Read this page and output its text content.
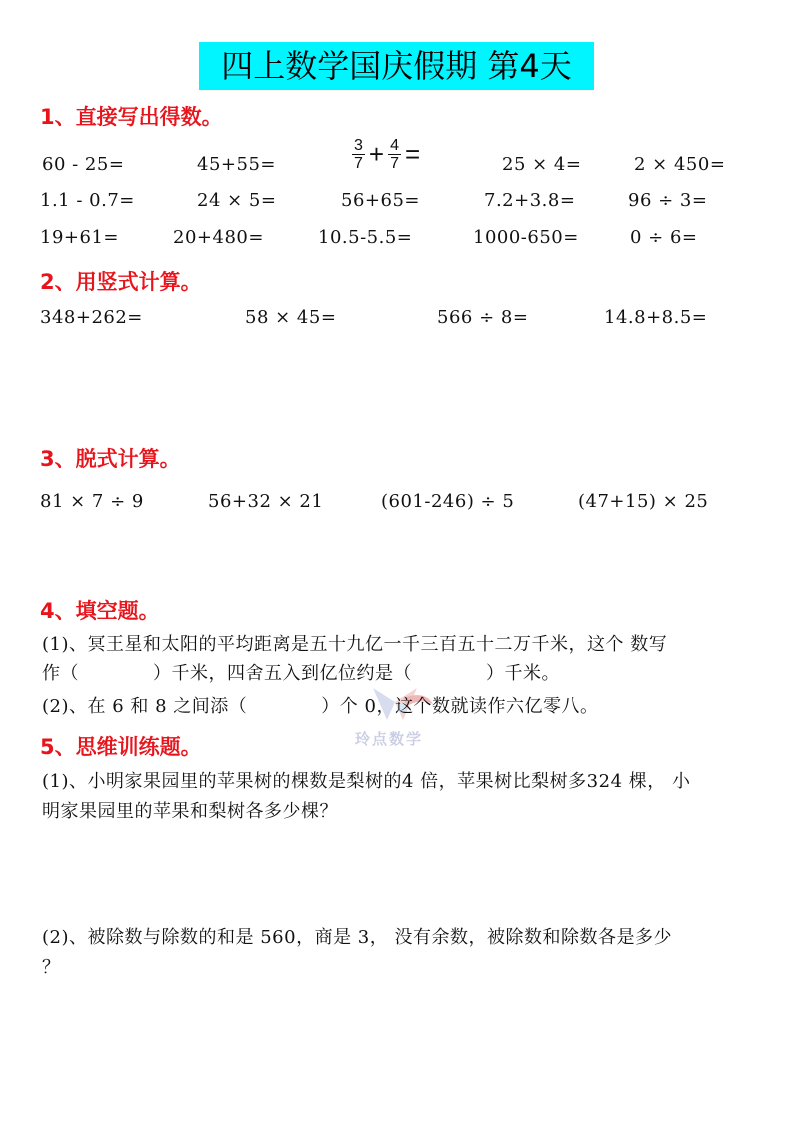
四上数学国庆假期 第4天
1、直接写出得数。
60 - 25=	45+55=	$\frac{3}{7} + \frac{4}{7}$ =	25 × 4=	2 × 450=
1.1 - 0.7=	24 × 5=	56+65=	7.2+3.8=	96 ÷ 3=
19+61=	20+480=	10.5-5.5=	1000-650=	0 ÷ 6=
2、用竖式计算。
348+262=	58 × 45=	566 ÷ 8=	14.8+8.5=
3、脱式计算。
81 × 7 ÷ 9	56+32 × 21	(601-246) ÷ 5	(47+15) × 25
玲点数学
4、填空题。
(1)、冥王星和太阳的平均距离是五十九亿一千三百五十二万千米，这个 数写
作（　　　　）千米，四舍五入到亿位约是（　　　　）千米。
(2)、在 6 和 8 之间添（　　　　）个 0，这个数就读作六亿零八。
5、思维训练题。
(1)、小明家果园里的苹果树的棵数是梨树的4 倍，苹果树比梨树多324 棵， 小
明家果园里的苹果和梨树各多少棵？
(2)、被除数与除数的和是 560，商是 3， 没有余数，被除数和除数各是多少
？
